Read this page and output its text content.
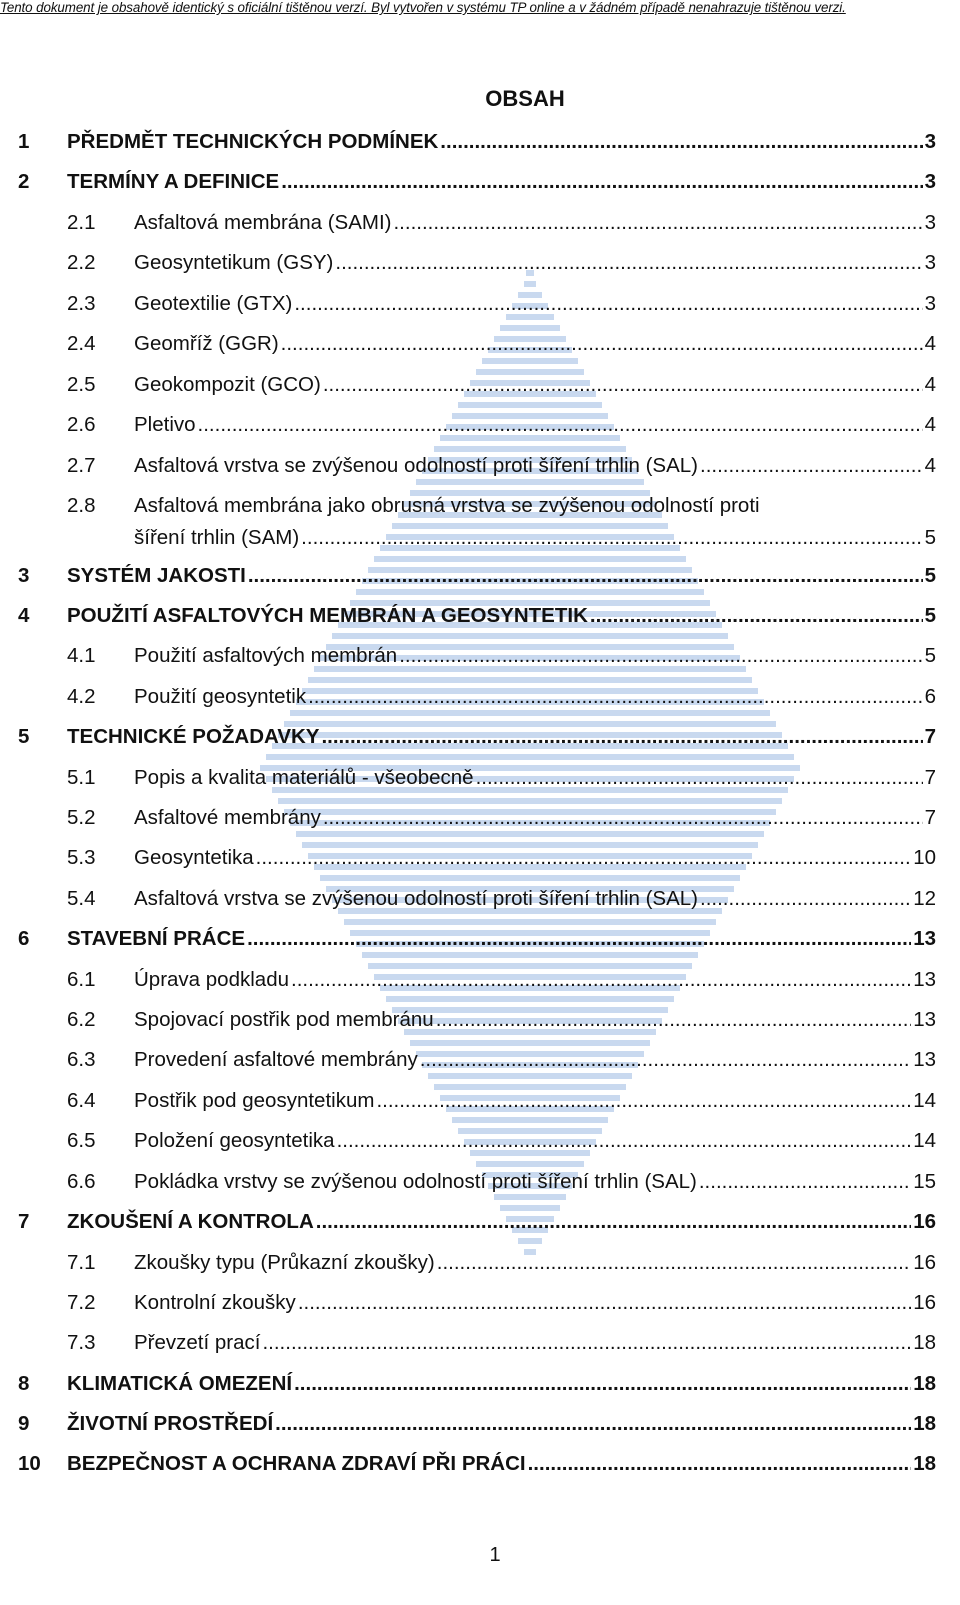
Tento dokument je obsahově identický s oficiální tištěnou verzí. Byl vytvořen v systému TP online a v žádném případě nenahrazuje tištěnou verzi.
OBSAH
1 PŘEDMĚT TECHNICKÝCH PODMÍNEK .....	3
2 TERMÍNY A DEFINICE .....	3
2.1 Asfaltová membrána (SAMI) .....	3
2.2 Geosyntetikum (GSY) .....	3
2.3 Geotextilie (GTX) .....	3
2.4 Geomříž (GGR) .....	4
2.5 Geokompozit (GCO) .....	4
2.6 Pletivo .....	4
2.7 Asfaltová vrstva se zvýšenou odolností proti šíření trhlin (SAL) .....	4
2.8 Asfaltová membrána jako obrusná vrstva se zvýšenou odolností proti
šíření trhlin (SAM) .....	5
3 SYSTÉM JAKOSTI .....	5
4 POUŽITÍ ASFALTOVÝCH MEMBRÁN A GEOSYNTETIK .....	5
4.1 Použití asfaltových membrán .....	5
4.2 Použití geosyntetik .....	6
5 TECHNICKÉ POŽADAVKY .....	7
5.1 Popis a kvalita materiálů - všeobecně .....	7
5.2 Asfaltové membrány .....	7
5.3 Geosyntetika .....	10
5.4 Asfaltová vrstva se zvýšenou odolností proti šíření trhlin (SAL) .....	12
6 STAVEBNÍ PRÁCE .....	13
6.1 Úprava podkladu .....	13
6.2 Spojovací postřik pod membránu .....	13
6.3 Provedení asfaltové membrány .....	13
6.4 Postřik pod geosyntetikum .....	14
6.5 Položení geosyntetika .....	14
6.6 Pokládka vrstvy se zvýšenou odolností proti šíření trhlin (SAL) .....	15
7 ZKOUŠENÍ A KONTROLA .....	16
7.1 Zkoušky typu (Průkazní zkoušky) .....	16
7.2 Kontrolní zkoušky .....	16
7.3 Převzetí prací .....	18
8 KLIMATICKÁ OMEZENÍ .....	18
9 ŽIVOTNÍ PROSTŘEDÍ .....	18
10 BEZPEČNOST A OCHRANA ZDRAVÍ PŘI PRÁCI .....	18
1
